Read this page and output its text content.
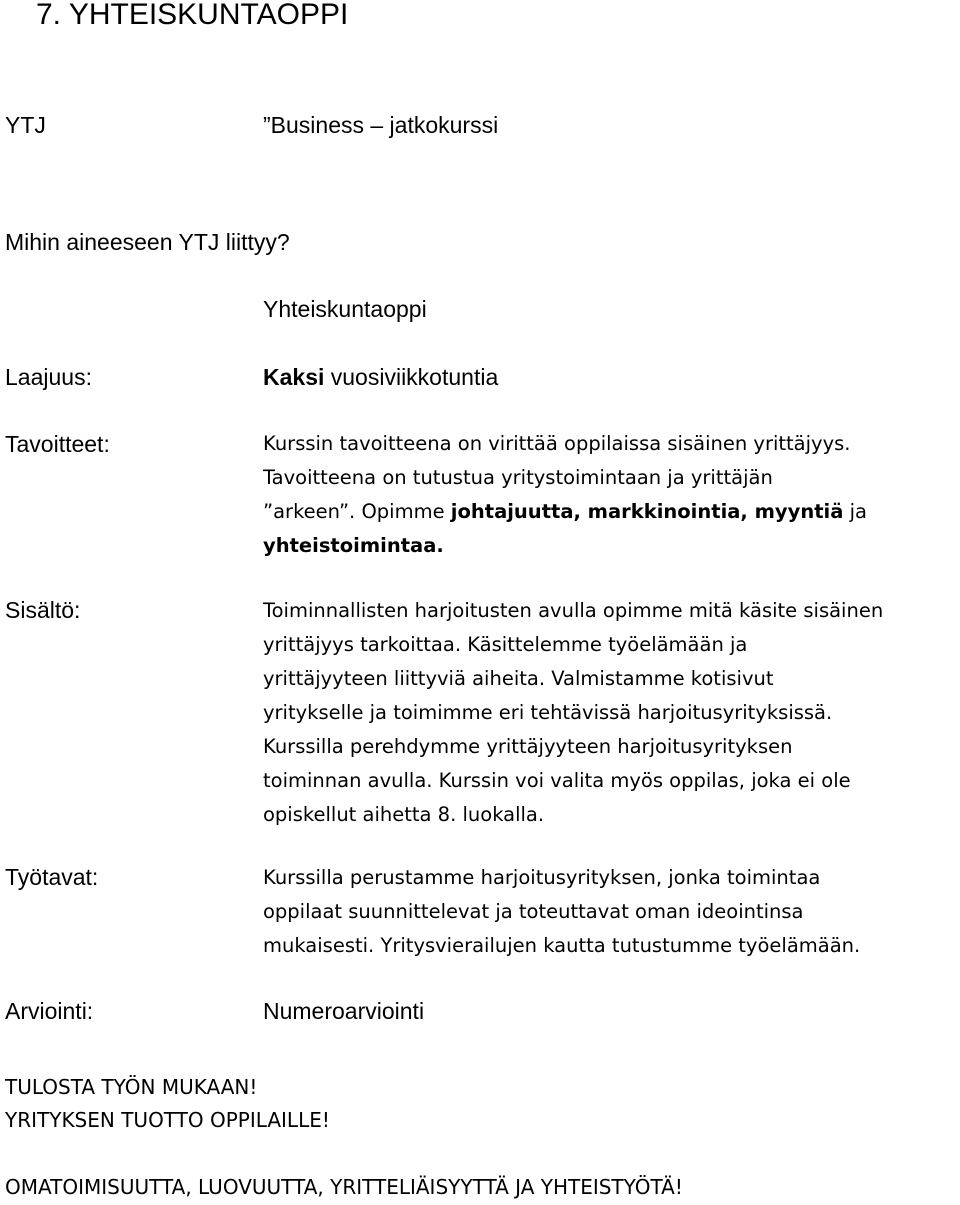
7. YHTEISKUNTAOPPI
YTJ	”Business – jatkokurssi
Mihin aineeseen YTJ liittyy?
Yhteiskuntaoppi
Laajuus:	Kaksi vuosiviikkotuntia
Tavoitteet:	Kurssin tavoitteena on virittää oppilaissa sisäinen yrittäjyys.
Tavoitteena on tutustua yritystoimintaan ja yrittäjän
”arkeen”. Opimme johtajuutta, markkinointia, myyntiä ja
yhteistoimintaa.
Sisältö:	Toiminnallisten harjoitusten avulla opimme mitä käsite sisäinen
yrittäjyys tarkoittaa. Käsittelemme työelämään ja
yrittäjyyteen liittyviä aiheita. Valmistamme kotisivut
yritykselle ja toimimme eri tehtävissä harjoitusyrityksissä.
Kurssilla perehdymme yrittäjyyteen harjoitusyrityksen
toiminnan avulla. Kurssin voi valita myös oppilas, joka ei ole
opiskellut aihetta 8. luokalla.
Työtavat:	Kurssilla perustamme harjoitusyrityksen, jonka toimintaa
oppilaat suunnittelevat ja toteuttavat oman ideointinsa
mukaisesti. Yritysvierailujen kautta tutustumme työelämään.
Arviointi:	Numeroarviointi
TULOSTA TYÖN MUKAAN!
YRITYKSEN TUOTTO OPPILAILLE!
OMATOIMISUUTTA, LUOVUUTTA, YRITTELIÄISYYTTÄ JA YHTEISTYÖTÄ!
